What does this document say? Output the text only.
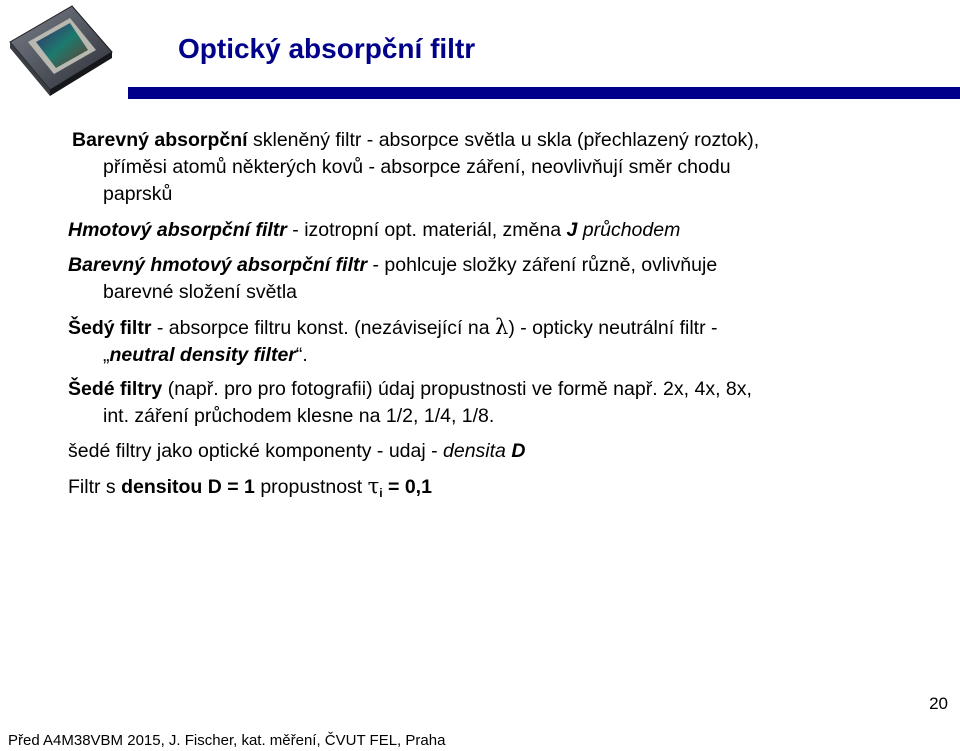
Optický absorpční filtr
Barevný absorpční skleněný filtr - absorpce světla u skla (přechlazený roztok),
příměsi atomů některých kovů - absorpce záření, neovlivňují směr chodu
paprsků
Hmotový absorpční filtr - izotropní opt. materiál, změna J průchodem
Barevný hmotový absorpční filtr - pohlcuje složky záření různě, ovlivňuje
barevné složení světla
Šedý filtr - absorpce filtru konst. (nezávisející na λ) - opticky neutrální filtr -
„neutral density filter“.
Šedé filtry (např. pro pro fotografii) údaj propustnosti ve formě např. 2x, 4x, 8x,
int. záření průchodem klesne na 1/2, 1/4, 1/8.
šedé filtry jako optické komponenty - udaj - densita D
Filtr s densitou D = 1 propustnost $\tau_i = 0,1$
20
Před A4M38VBM 2015, J. Fischer, kat. měření, ČVUT FEL, Praha
